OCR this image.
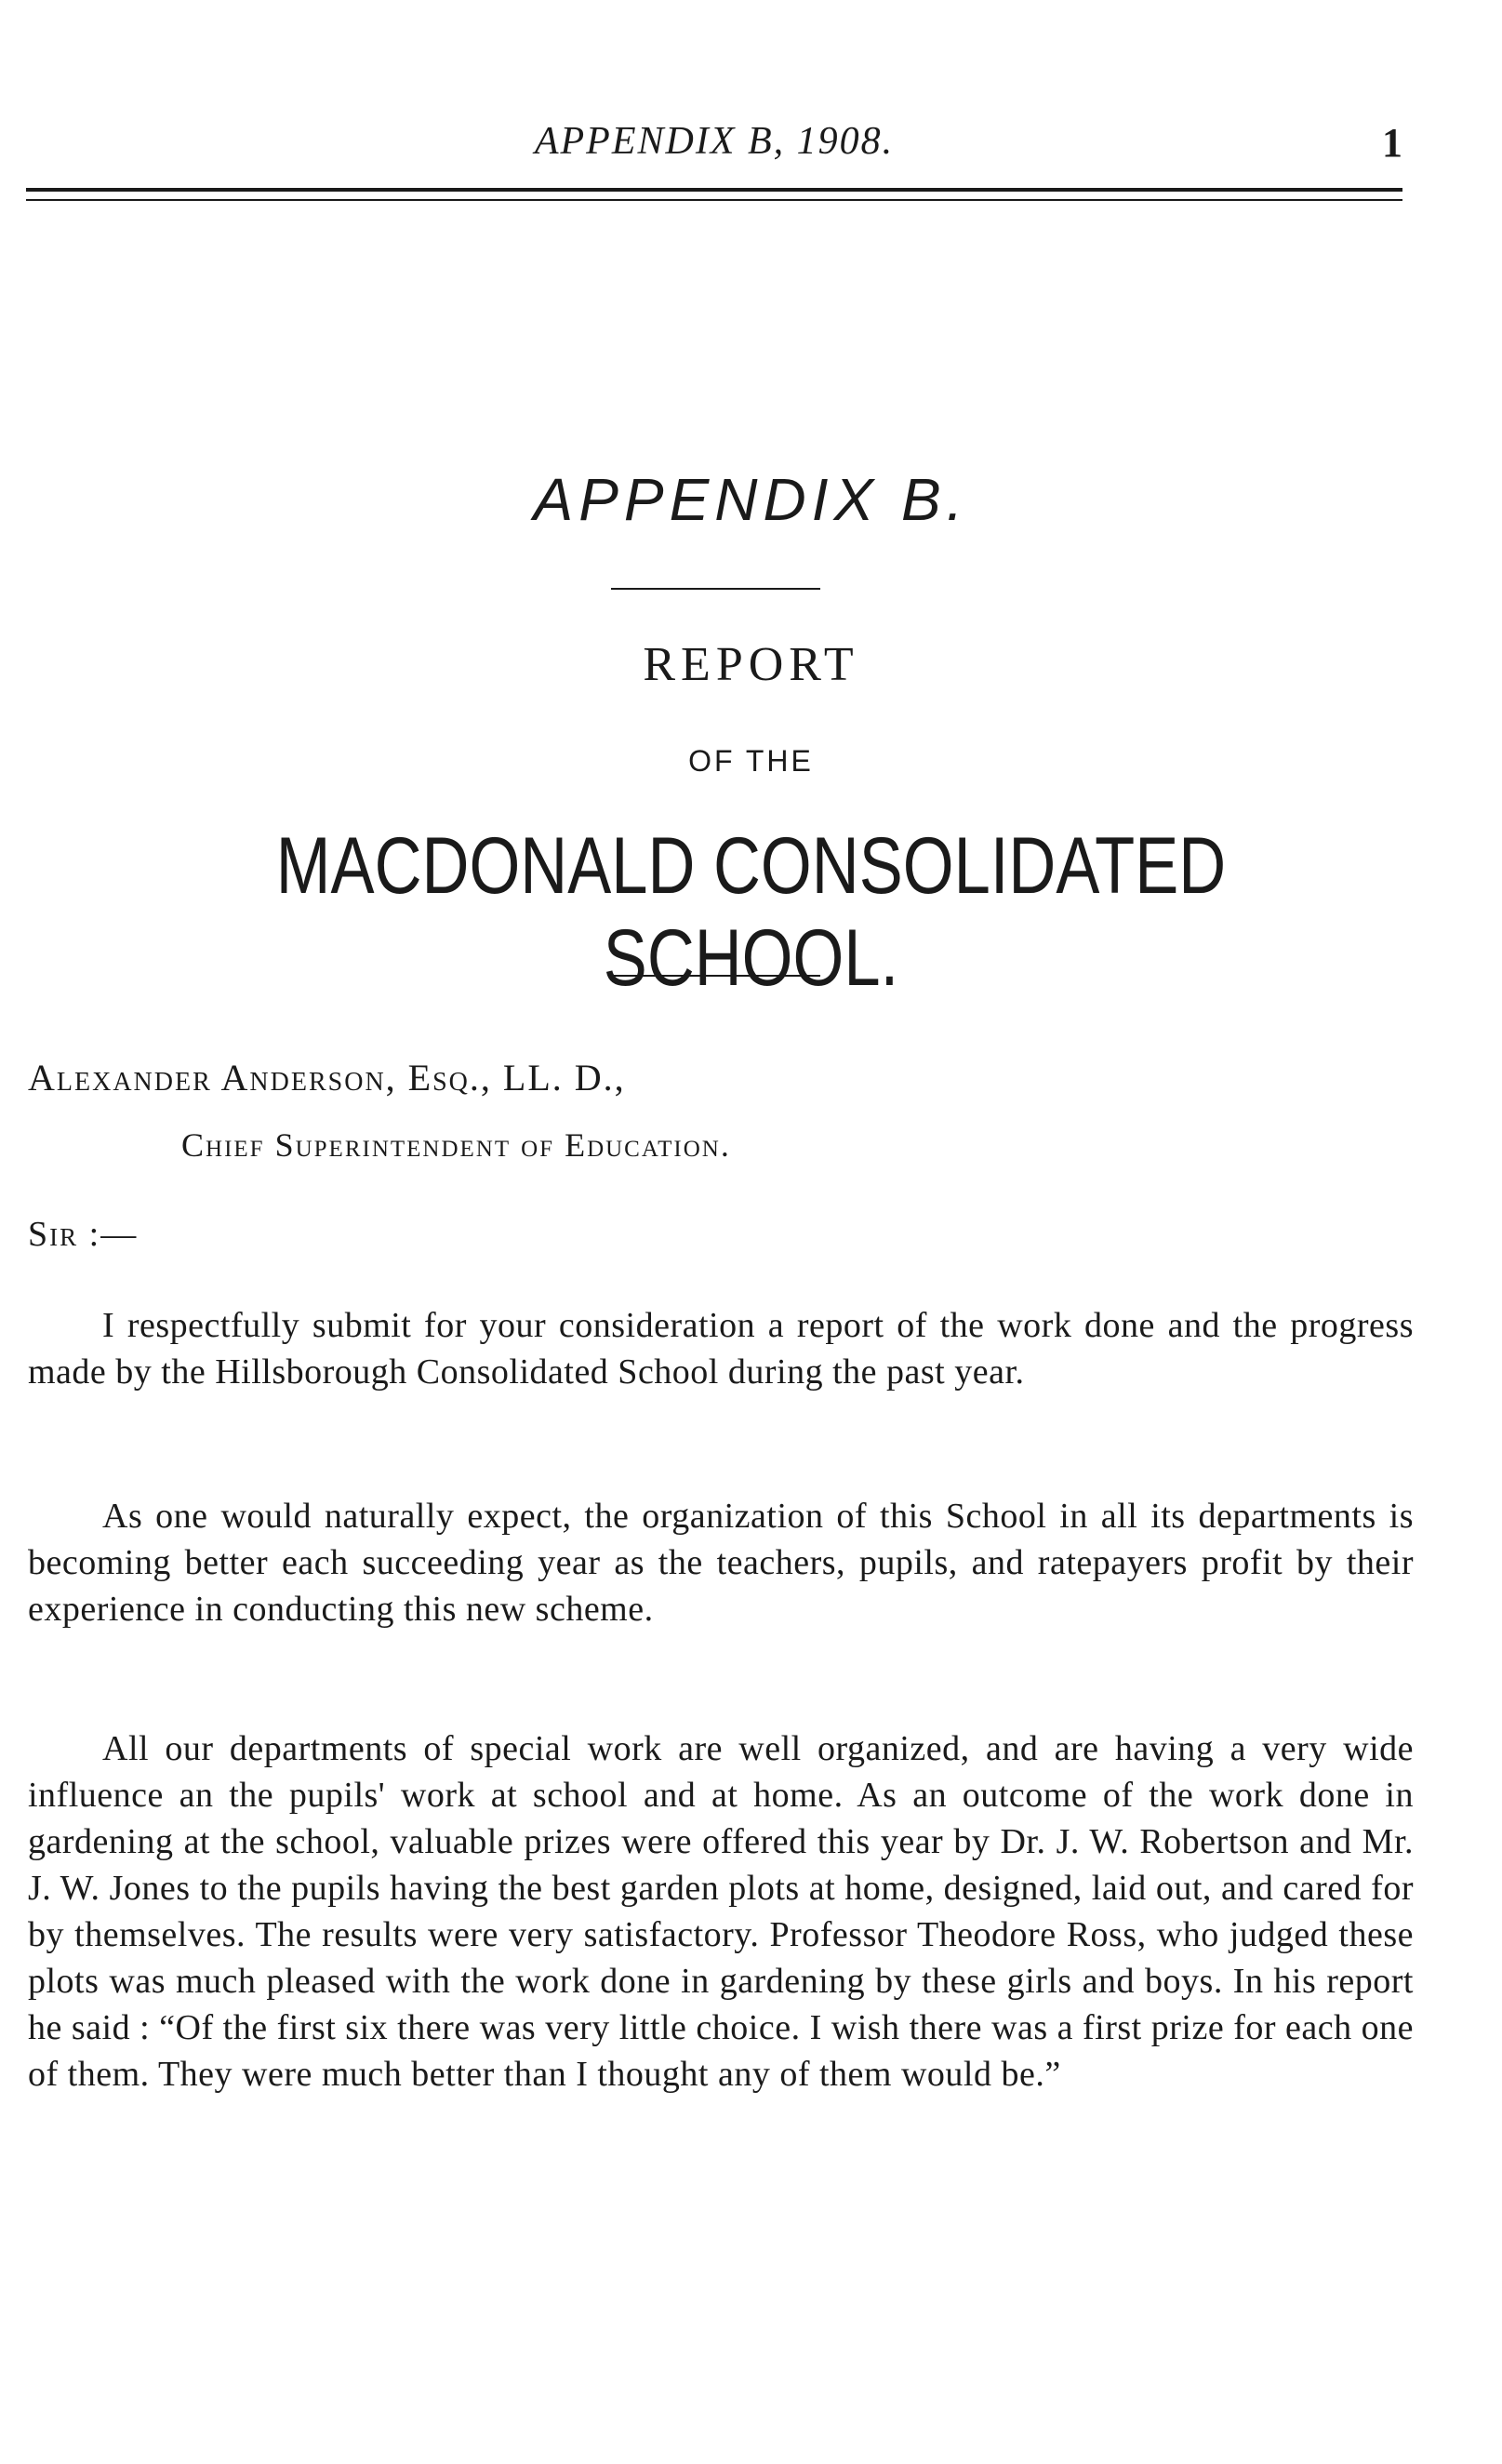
APPENDIX B, 1908.	1
APPENDIX B.
REPORT
OF THE
MACDONALD CONSOLIDATED SCHOOL.
Alexander Anderson, Esq., LL. D.,
Chief Superintendent of Education.
Sir :—

I respectfully submit for your consideration a report of the work done and the progress made by the Hillsborough Consolidated School during the past year.

As one would naturally expect, the organization of this School in all its departments is becoming better each succeeding year as the teachers, pupils, and ratepayers profit by their experience in conducting this new scheme.

All our departments of special work are well organized, and are having a very wide influence an the pupils' work at school and at home. As an outcome of the work done in gardening at the school, valuable prizes were offered this year by Dr. J. W. Robertson and Mr. J. W. Jones to the pupils having the best garden plots at home, designed, laid out, and cared for by themselves. The results were very satisfactory. Professor Theodore Ross, who judged these plots was much pleased with the work done in gardening by these girls and boys. In his report he said : “Of the first six there was very little choice. I wish there was a first prize for each one of them. They were much better than I thought any of them would be.”
